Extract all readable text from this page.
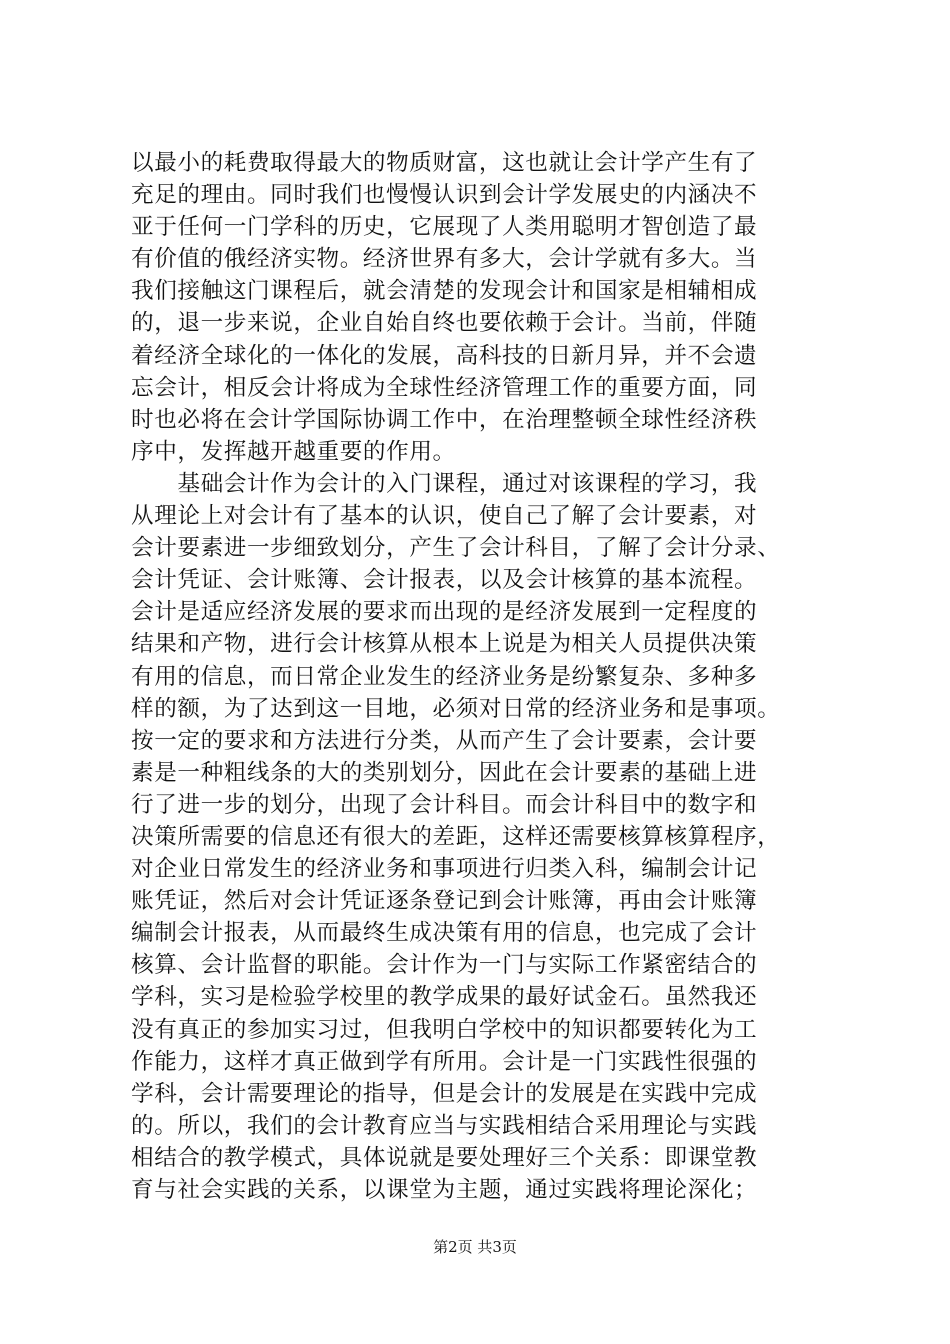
以最小的耗费取得最大的物质财富，这也就让会计学产生有了
充足的理由。同时我们也慢慢认识到会计学发展史的内涵决不
亚于任何一门学科的历史，它展现了人类用聪明才智创造了最
有价值的俄经济实物。经济世界有多大，会计学就有多大。当
我们接触这门课程后，就会清楚的发现会计和国家是相辅相成
的，退一步来说，企业自始自终也要依赖于会计。当前，伴随
着经济全球化的一体化的发展，高科技的日新月异，并不会遗
忘会计，相反会计将成为全球性经济管理工作的重要方面，同
时也必将在会计学国际协调工作中，在治理整顿全球性经济秩
序中，发挥越开越重要的作用。
　　基础会计作为会计的入门课程，通过对该课程的学习，我
从理论上对会计有了基本的认识，使自己了解了会计要素，对
会计要素进一步细致划分，产生了会计科目，了解了会计分录、
会计凭证、会计账簿、会计报表，以及会计核算的基本流程。
会计是适应经济发展的要求而出现的是经济发展到一定程度的
结果和产物，进行会计核算从根本上说是为相关人员提供决策
有用的信息，而日常企业发生的经济业务是纷繁复杂、多种多
样的额，为了达到这一目地，必须对日常的经济业务和是事项。
按一定的要求和方法进行分类，从而产生了会计要素，会计要
素是一种粗线条的大的类别划分，因此在会计要素的基础上进
行了进一步的划分，出现了会计科目。而会计科目中的数字和
决策所需要的信息还有很大的差距，这样还需要核算核算程序，
对企业日常发生的经济业务和事项进行归类入科，编制会计记
账凭证，然后对会计凭证逐条登记到会计账簿，再由会计账簿
编制会计报表，从而最终生成决策有用的信息，也完成了会计
核算、会计监督的职能。会计作为一门与实际工作紧密结合的
学科，实习是检验学校里的教学成果的最好试金石。虽然我还
没有真正的参加实习过，但我明白学校中的知识都要转化为工
作能力，这样才真正做到学有所用。会计是一门实践性很强的
学科，会计需要理论的指导，但是会计的发展是在实践中完成
的。所以，我们的会计教育应当与实践相结合采用理论与实践
相结合的教学模式，具体说就是要处理好三个关系：即课堂教
育与社会实践的关系，以课堂为主题，通过实践将理论深化；
第2页 共3页
